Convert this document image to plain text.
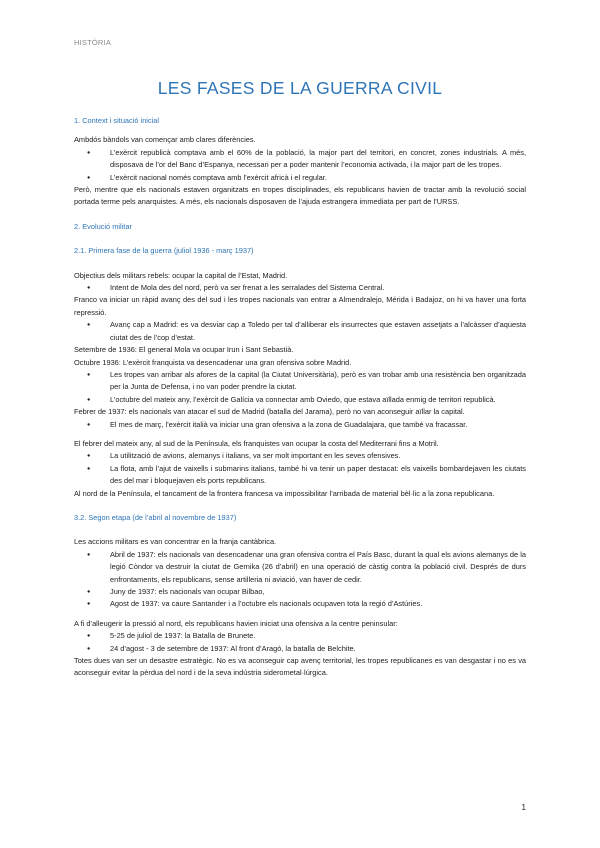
HISTÒRIA
LES FASES DE LA GUERRA CIVIL

1. Context i situació inicial

Ambdós bàndols van començar amb clares diferències.

● L’exèrcit republicà comptava amb el 60% de la població, la major part del territori, en concret, zones industrials. A més, disposava de l’or del Banc d’Espanya, necessari per a poder mantenir l’economia activada, i la major part de les tropes.
● L’exèrcit nacional només comptava amb l’exèrcit africà i el regular.

Però, mentre que els nacionals estaven organitzats en tropes disciplinades, els republicans havien de tractar amb la revolució social portada terme pels anarquistes. A més, els nacionals disposaven de l’ajuda estrangera immediata per part de l’URSS.

2. Evolució militar

2.1. Primera fase de la guerra (juliol 1936 - març 1937)

Objectius dels militars rebels: ocupar la capital de l’Estat, Madrid.

● Intent de Mola des del nord, però va ser frenat a les serralades del Sistema Central.

Franco va iniciar un ràpid avanç des del sud i les tropes nacionals van entrar a Almendralejo, Mérida i Badajoz, on hi va haver una forta repressió.

● Avanç cap a Madrid: es va desviar cap a Toledo per tal d’alliberar els insurrectes que estaven assetjats a l’alcàsser d’aquesta ciutat des de l’cop d’estat.

Setembre de 1936: El general Mola va ocupar Irun i Sant Sebastià.

Octubre 1936: L’exèrcit franquista va desencadenar una gran ofensiva sobre Madrid.

● Les tropes van arribar als afores de la capital (la Ciutat Universitària), però es van trobar amb una resistència ben organitzada per la Junta de Defensa, i no van poder prendre la ciutat.
● L’octubre del mateix any, l’exèrcit de Galícia va connectar amb Oviedo, que estava aïllada enmig de territori republicà.

Febrer de 1937: els nacionals van atacar el sud de Madrid (batalla del Jarama), però no van aconseguir aïllar la capital.

● El mes de març, l’exèrcit italià va iniciar una gran ofensiva a la zona de Guadalajara, que també va fracassar.

El febrer del mateix any, al sud de la Península, els franquistes van ocupar la costa del Mediterrani fins a Motril.

● La utilització de avions, alemanys i italians, va ser molt important en les seves ofensives.
● La flota, amb l’ajut de vaixells i submarins italians, també hi va tenir un paper destacat: els vaixells bombardejaven les ciutats des del mar i bloquejaven els ports republicans.

Al nord de la Península, el tancament de la frontera francesa va impossibilitar l’arribada de material bèl·lic a la zona republicana.

3.2. Segon etapa (de l’abril al novembre de 1937)

Les accions militars es van concentrar en la franja cantàbrica.

● Abril de 1937: els nacionals van desencadenar una gran ofensiva contra el País Basc, durant la qual els avions alemanys de la legió Còndor va destruir la ciutat de Gernika (26 d’abril) en una operació de càstig contra la població civil. Després de durs enfrontaments, els republicans, sense artilleria ni aviació, van haver de cedir.
● Juny de 1937: els nacionals van ocupar Bilbao,
● Agost de 1937: va caure Santander i a l’octubre els nacionals ocupaven tota la regió d’Astúries.

A fi d’alleugerir la pressió al nord, els republicans havien iniciat una ofensiva a la centre peninsular:

● 5-25 de juliol de 1937: la Batalla de Brunete.
● 24 d’agost - 3 de setembre de 1937: Al front d’Aragó, la batalla de Belchite.

Totes dues van ser un desastre estratègic. No es va aconseguir cap avenç territorial, les tropes republicanes es van desgastar i no es va aconseguir evitar la pèrdua del nord i de la seva indústria siderometal·lúrgica.

1
